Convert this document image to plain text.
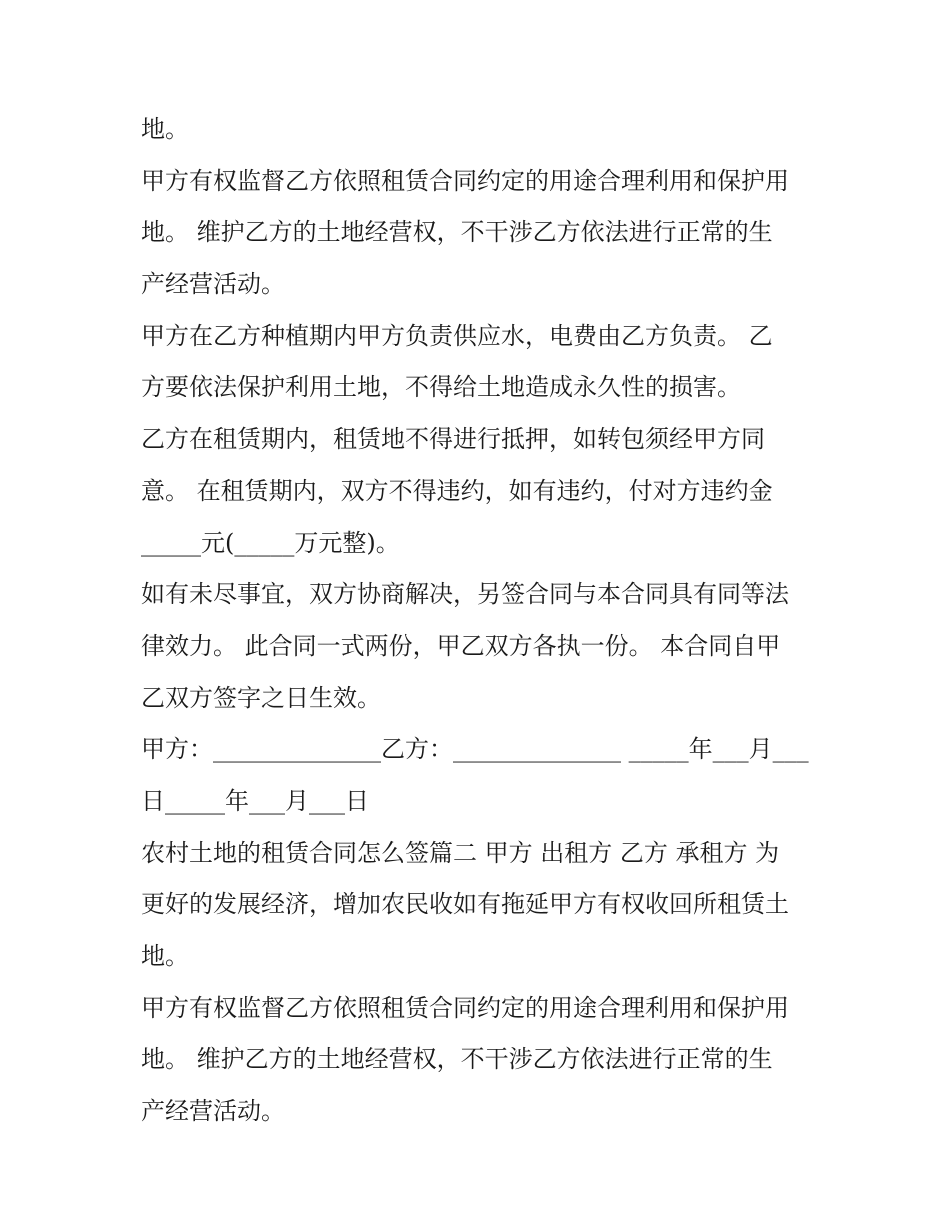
地。
甲方有权监督乙方依照租赁合同约定的用途合理利用和保护用
地。 维护乙方的土地经营权，不干涉乙方依法进行正常的生
产经营活动。
甲方在乙方种植期内甲方负责供应水，电费由乙方负责。 乙
方要依法保护利用土地，不得给土地造成永久性的损害。
乙方在租赁期内，租赁地不得进行抵押，如转包须经甲方同
意。 在租赁期内，双方不得违约，如有违约，付对方违约金
_____元(_____万元整)。
如有未尽事宜，双方协商解决，另签合同与本合同具有同等法
律效力。 此合同一式两份，甲乙双方各执一份。 本合同自甲
乙双方签字之日生效。
甲方：______________乙方：______________ _____年___月___
日_____年___月___日
农村土地的租赁合同怎么签篇二 甲方 出租方 乙方 承租方 为
更好的发展经济，增加农民收如有拖延甲方有权收回所租赁土
地。
甲方有权监督乙方依照租赁合同约定的用途合理利用和保护用
地。 维护乙方的土地经营权，不干涉乙方依法进行正常的生
产经营活动。
